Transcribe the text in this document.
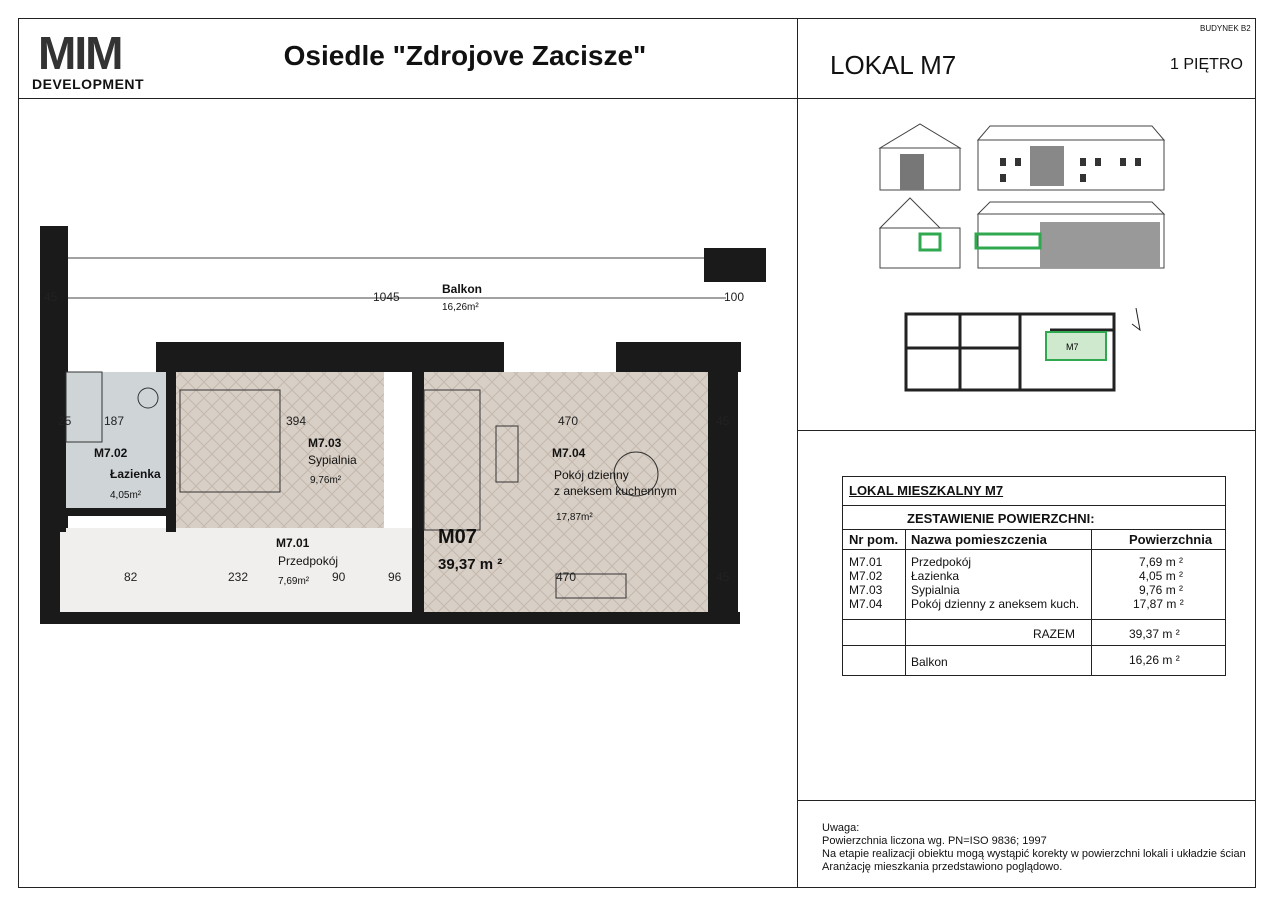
MIM
DEVELOPMENT
Osiedle "Zdrojove Zacisze"	LOKAL M7	1 PIĘTRO
BUDYNEK B2
M7
Balkon
16,26m²
M7.02
Łazienka
4,05m²
M7.03
Sypialnia
9,76m²
M7.04
Pokój dzienny
z aneksem kuchennym
17,87m²
M7.01
Przedpokój
7,69m²
M07
39,37 m ²
45	1045	100
25	187	394	470	45
82	232	90	96	470	45
LOKAL MIESZKALNY M7
ZESTAWIENIE POWIERZCHNI:
Nr pom. Nazwa pomieszczenia	Powierzchnia
M7.01 Przedpokój	7,69 m ²
M7.02 Łazienka	4,05 m ²
M7.03 Sypialnia	9,76 m ²
M7.04 Pokój dzienny z aneksem kuch.	17,87 m ²
RAZEM	39,37 m ²
Balkon	16,26 m ²
Uwaga:
Powierzchnia liczona wg. PN=ISO 9836; 1997
Na etapie realizacji obiektu mogą wystąpić korekty w powierzchni lokali i układzie ścian
Aranżację mieszkania przedstawiono poglądowo.
